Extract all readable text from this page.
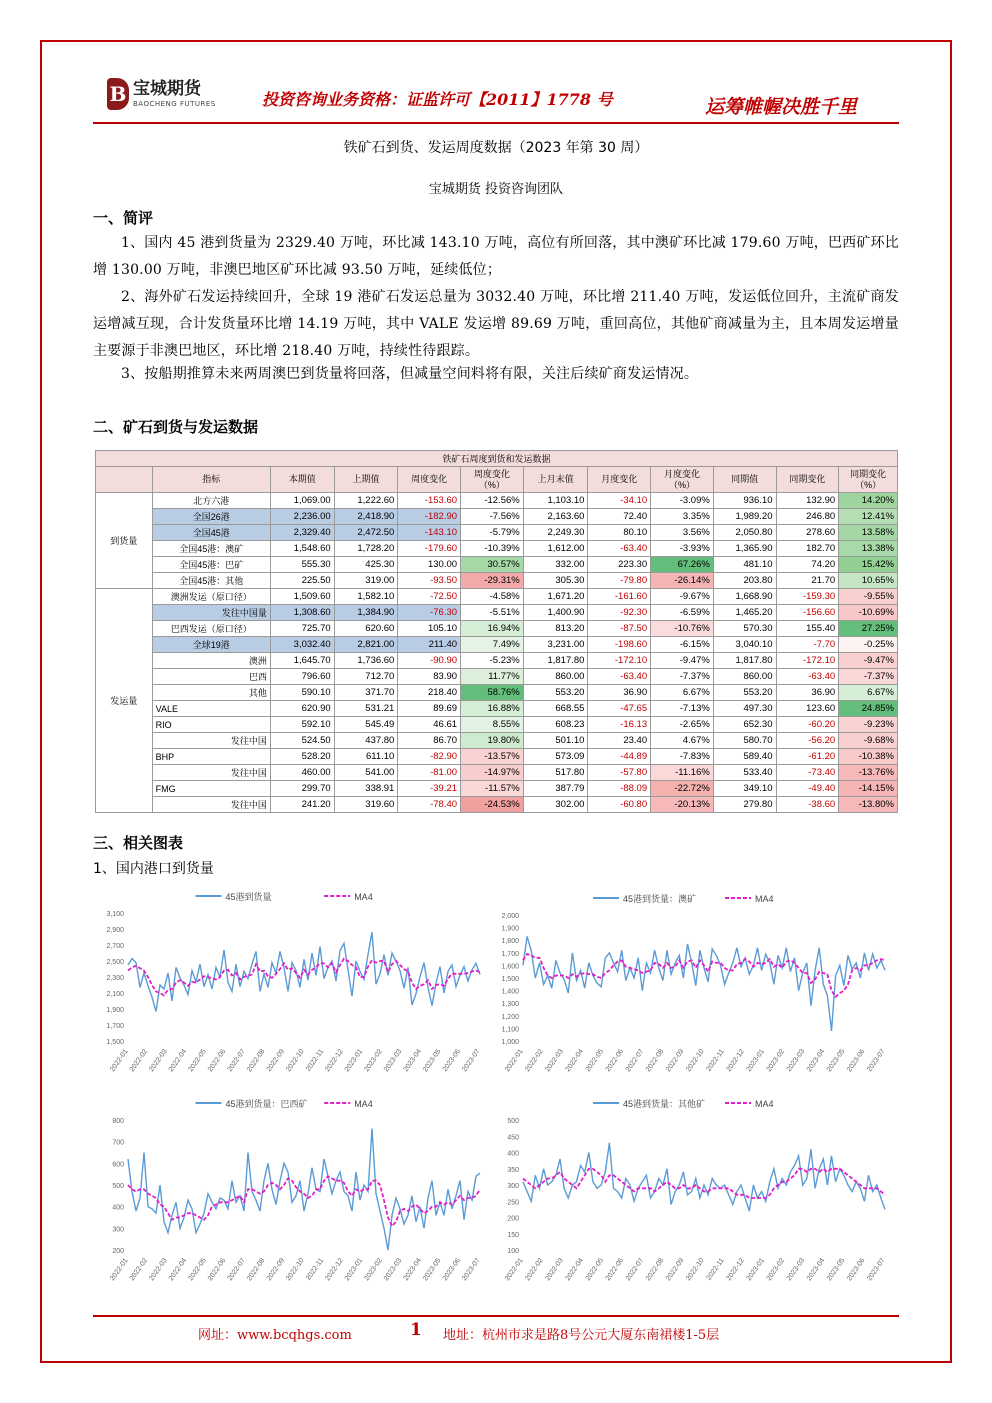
B 宝城期货
BAOCHENG FUTURES	投资咨询业务资格：证监许可【2011】1778 号	运筹帷幄决胜千里
铁矿石到货、发运周度数据（2023 年第 30 周）
宝城期货 投资咨询团队
一、简评

1、国内 45 港到货量为 2329.40 万吨，环比减 143.10 万吨，高位有所回落，其中澳矿环比减 179.60 万吨，巴西矿环比增 130.00 万吨，非澳巴地区矿环比减 93.50 万吨，延续低位；

2、海外矿石发运持续回升，全球 19 港矿石发运总量为 3032.40 万吨，环比增 211.40 万吨，发运低位回升，主流矿商发运增减互现，合计发货量环比增 14.19 万吨，其中 VALE 发运增 89.69 万吨，重回高位，其他矿商减量为主，且本周发运增量主要源于非澳巴地区，环比增 218.40 万吨，持续性待跟踪。

3、按船期推算未来两周澳巴到货量将回落，但减量空间料将有限，关注后续矿商发运情况。

二、矿石到货与发运数据
铁矿石周度到货和发运数据											
	指标	本期值	上期值	周度变化	周度变化（%）	上月末值	月度变化	月度变化（%）	同期值	同期变化	同期变化（%）
到货量	北方六港	1,069.00	1,222.60	-153.60	-12.56%	1,103.10	-34.10	-3.09%	936.10	132.90	14.20%
	全国26港	2,236.00	2,418.90	-182.90	-7.56%	2,163.60	72.40	3.35%	1,989.20	246.80	12.41%
	全国45港	2,329.40	2,472.50	-143.10	-5.79%	2,249.30	80.10	3.56%	2,050.80	278.60	13.58%
	全国45港：澳矿	1,548.60	1,728.20	-179.60	-10.39%	1,612.00	-63.40	-3.93%	1,365.90	182.70	13.38%
	全国45港：巴矿	555.30	425.30	130.00	30.57%	332.00	223.30	67.26%	481.10	74.20	15.42%
	全国45港：其他	225.50	319.00	-93.50	-29.31%	305.30	-79.80	-26.14%	203.80	21.70	10.65%
发运量	澳洲发运（原口径）	1,509.60	1,582.10	-72.50	-4.58%	1,671.20	-161.60	-9.67%	1,668.90	-159.30	-9.55%
	发往中国量	1,308.60	1,384.90	-76.30	-5.51%	1,400.90	-92.30	-6.59%	1,465.20	-156.60	-10.69%
	巴西发运（原口径）	725.70	620.60	105.10	16.94%	813.20	-87.50	-10.76%	570.30	155.40	27.25%
	全球19港	3,032.40	2,821.00	211.40	7.49%	3,231.00	-198.60	-6.15%	3,040.10	-7.70	-0.25%
	澳洲	1,645.70	1,736.60	-90.90	-5.23%	1,817.80	-172.10	-9.47%	1,817.80	-172.10	-9.47%
	巴西	796.60	712.70	83.90	11.77%	860.00	-63.40	-7.37%	860.00	-63.40	-7.37%
	其他	590.10	371.70	218.40	58.76%	553.20	36.90	6.67%	553.20	36.90	6.67%
	VALE	620.90	531.21	89.69	16.88%	668.55	-47.65	-7.13%	497.30	123.60	24.85%
	RIO	592.10	545.49	46.61	8.55%	608.23	-16.13	-2.65%	652.30	-60.20	-9.23%
	发往中国	524.50	437.80	86.70	19.80%	501.10	23.40	4.67%	580.70	-56.20	-9.68%
	BHP	528.20	611.10	-82.90	-13.57%	573.09	-44.89	-7.83%	589.40	-61.20	-10.38%
	发往中国	460.00	541.00	-81.00	-14.97%	517.80	-57.80	-11.16%	533.40	-73.40	-13.76%
	FMG	299.70	338.91	-39.21	-11.57%	387.79	-88.09	-22.72%	349.10	-49.40	-14.15%
	发往中国	241.20	319.60	-78.40	-24.53%	302.00	-60.80	-20.13%	279.80	-38.60	-13.80%
三、相关图表
1、国内港口到货量
45港到货量	MA4
1,500
1,700
1,900
2,100
2,300
2,500
2,700
2,900
3,100
2022-01 2022-02 2022-03 2022-04 2022-05 2022-06 2022-07 2022-08 2022-09 2022-10 2022-11 2022-12 2023-01 2023-02 2023-03 2023-04 2023-05 2023-06 2023-07
45港到货量：澳矿	MA4
1,000
1,100
1,200
1,300
1,400
1,500
1,600
1,700
1,800
1,900
2,000
2022-01 2022-02 2022-03 2022-04 2022-05 2022-06 2022-07 2022-08 2022-09 2022-10 2022-11 2022-12 2023-01 2023-02 2023-03 2023-04 2023-05 2023-06 2023-07
45港到货量：巴西矿	MA4
200
300
400
500
600
700
800
2022-01 2022-02 2022-03 2022-04 2022-05 2022-06 2022-07 2022-08 2022-09 2022-10 2022-11 2022-12 2023-01 2023-02 2023-03 2023-04 2023-05 2023-06 2023-07
45港到货量：其他矿	MA4
100
150
200
250
300
350
400
450
500
2022-01 2022-02 2022-03 2022-04 2022-05 2022-06 2022-07 2022-08 2022-09 2022-10 2022-11 2022-12 2023-01 2023-02 2023-03 2023-04 2023-05 2023-06 2023-07
网址：www.bcqhgs.com	1 地址：杭州市求是路8号公元大厦东南裙楼1-5层
